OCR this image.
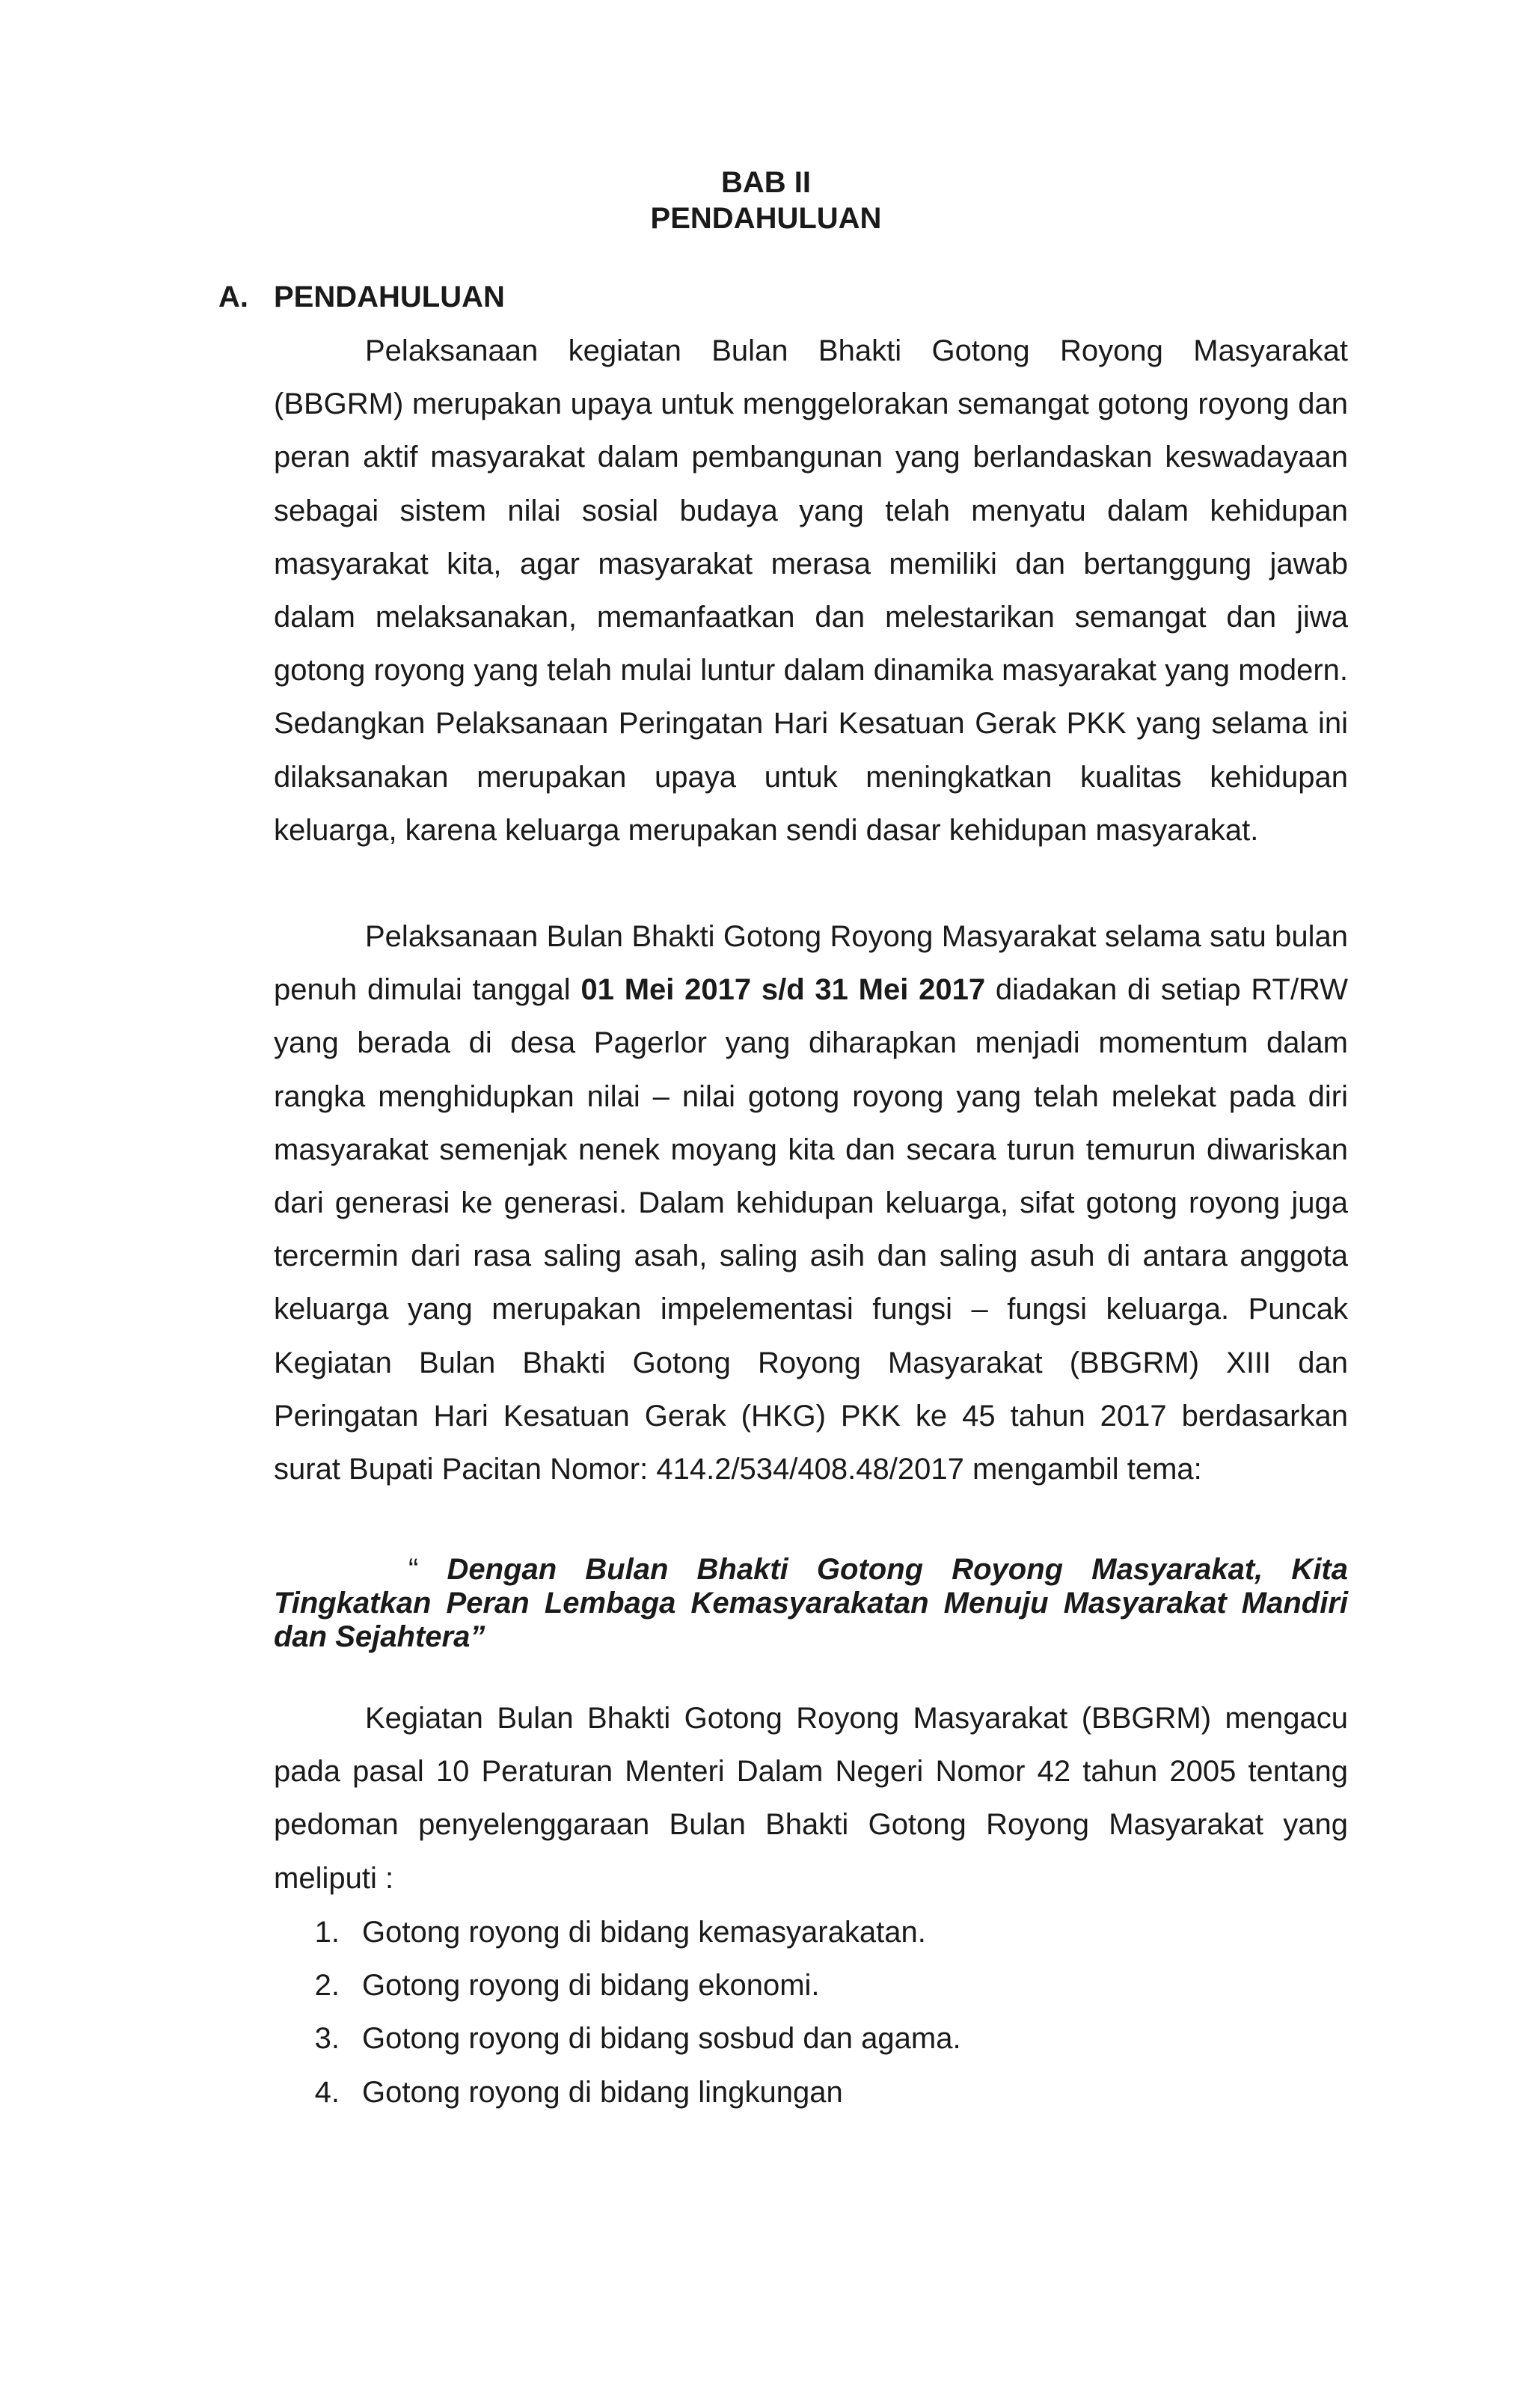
BAB II
PENDAHULUAN
A. PENDAHULUAN

Pelaksanaan kegiatan Bulan Bhakti Gotong Royong Masyarakat (BBGRM) merupakan upaya untuk menggelorakan semangat gotong royong dan peran aktif masyarakat dalam pembangunan yang berlandaskan keswadayaan sebagai sistem nilai sosial budaya yang telah menyatu dalam kehidupan masyarakat kita, agar masyarakat merasa memiliki dan bertanggung jawab dalam melaksanakan, memanfaatkan dan melestarikan semangat dan jiwa gotong royong yang telah mulai luntur dalam dinamika masyarakat yang modern. Sedangkan Pelaksanaan Peringatan Hari Kesatuan Gerak PKK yang selama ini dilaksanakan merupakan upaya untuk meningkatkan kualitas kehidupan keluarga, karena keluarga merupakan sendi dasar kehidupan masyarakat.

Pelaksanaan Bulan Bhakti Gotong Royong Masyarakat selama satu bulan penuh dimulai tanggal 01 Mei 2017 s/d 31 Mei 2017 diadakan di setiap RT/RW yang berada di desa Pagerlor yang diharapkan menjadi momentum dalam rangka menghidupkan nilai – nilai gotong royong yang telah melekat pada diri masyarakat semenjak nenek moyang kita dan secara turun temurun diwariskan dari generasi ke generasi. Dalam kehidupan keluarga, sifat gotong royong juga tercermin dari rasa saling asah, saling asih dan saling asuh di antara anggota keluarga yang merupakan impelementasi fungsi – fungsi keluarga. Puncak Kegiatan Bulan Bhakti Gotong Royong Masyarakat (BBGRM) XIII dan Peringatan Hari Kesatuan Gerak (HKG) PKK ke 45 tahun 2017 berdasarkan surat Bupati Pacitan Nomor: 414.2/534/408.48/2017 mengambil tema:

“ Dengan Bulan Bhakti Gotong Royong Masyarakat, Kita Tingkatkan Peran Lembaga Kemasyarakatan Menuju Masyarakat Mandiri dan Sejahtera”

Kegiatan Bulan Bhakti Gotong Royong Masyarakat (BBGRM) mengacu pada pasal 10 Peraturan Menteri Dalam Negeri Nomor 42 tahun 2005 tentang pedoman penyelenggaraan Bulan Bhakti Gotong Royong Masyarakat yang meliputi :

1. Gotong royong di bidang kemasyarakatan.
2. Gotong royong di bidang ekonomi.
3. Gotong royong di bidang sosbud dan agama.
4. Gotong royong di bidang lingkungan
